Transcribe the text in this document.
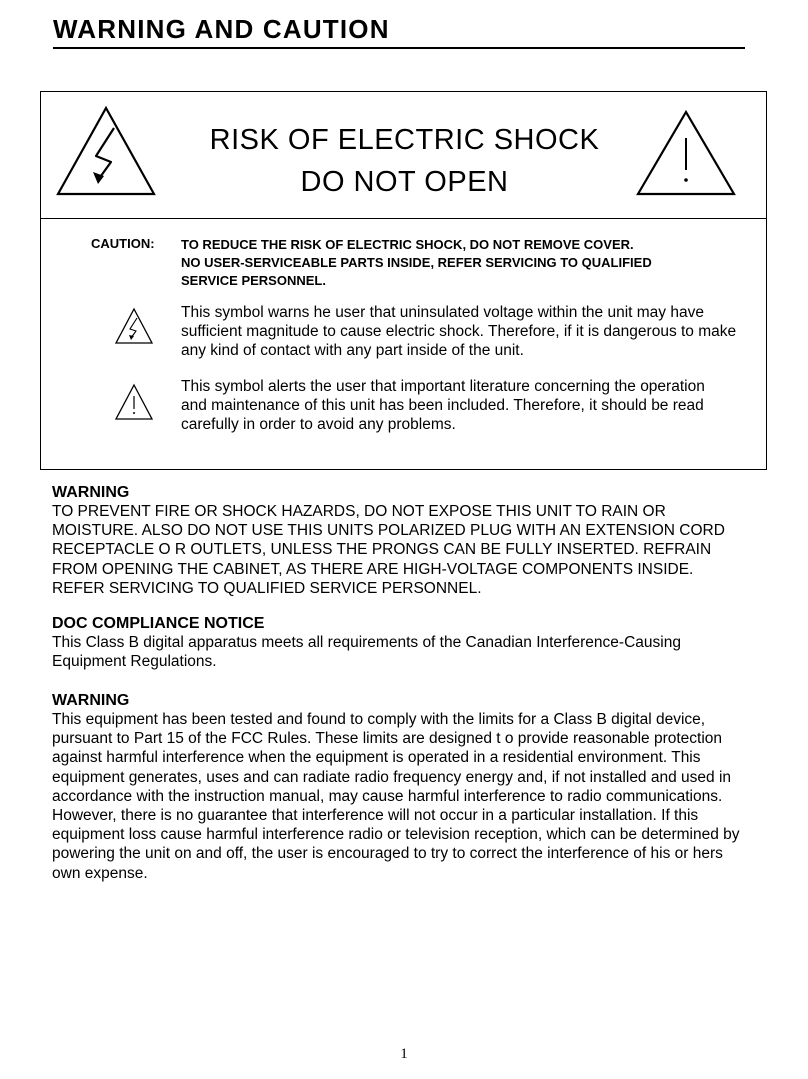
WARNING AND CAUTION
RISK OF ELECTRIC SHOCK
DO NOT OPEN
CAUTION: TO REDUCE THE RISK OF ELECTRIC SHOCK, DO NOT REMOVE COVER.
NO USER-SERVICEABLE PARTS INSIDE, REFER SERVICING TO QUALIFIED
SERVICE PERSONNEL.
This symbol warns he user that uninsulated voltage within the unit may have
sufficient magnitude to cause electric shock. Therefore, if it is dangerous to make
any kind of contact with any part inside of the unit.
This symbol alerts the user that important literature concerning the operation
and maintenance of this unit has been included. Therefore, it should be read
carefully in order to avoid any problems.
WARNING
TO PREVENT FIRE OR SHOCK HAZARDS, DO NOT EXPOSE THIS UNIT TO RAIN OR
MOISTURE. ALSO DO NOT USE THIS UNITS POLARIZED PLUG WITH AN EXTENSION CORD
RECEPTACLE O R OUTLETS, UNLESS THE PRONGS CAN BE FULLY INSERTED. REFRAIN
FROM OPENING THE CABINET, AS THERE ARE HIGH-VOLTAGE COMPONENTS INSIDE.
REFER SERVICING TO QUALIFIED SERVICE PERSONNEL.
DOC COMPLIANCE NOTICE
This Class B digital apparatus meets all requirements of the Canadian Interference-Causing
Equipment Regulations.
WARNING
This equipment has been tested and found to comply with the limits for a Class B digital device,
pursuant to Part 15 of the FCC Rules. These limits are designed t o provide reasonable protection
against harmful interference when the equipment is operated in a residential environment. This
equipment generates, uses and can radiate radio frequency energy and, if not installed and used in
accordance with the instruction manual, may cause harmful interference to radio communications.
However, there is no guarantee that interference will not occur in a particular installation. If this
equipment loss cause harmful interference radio or television reception, which can be determined by
powering the unit on and off, the user is encouraged to try to correct the interference of his or hers
own expense.
1
